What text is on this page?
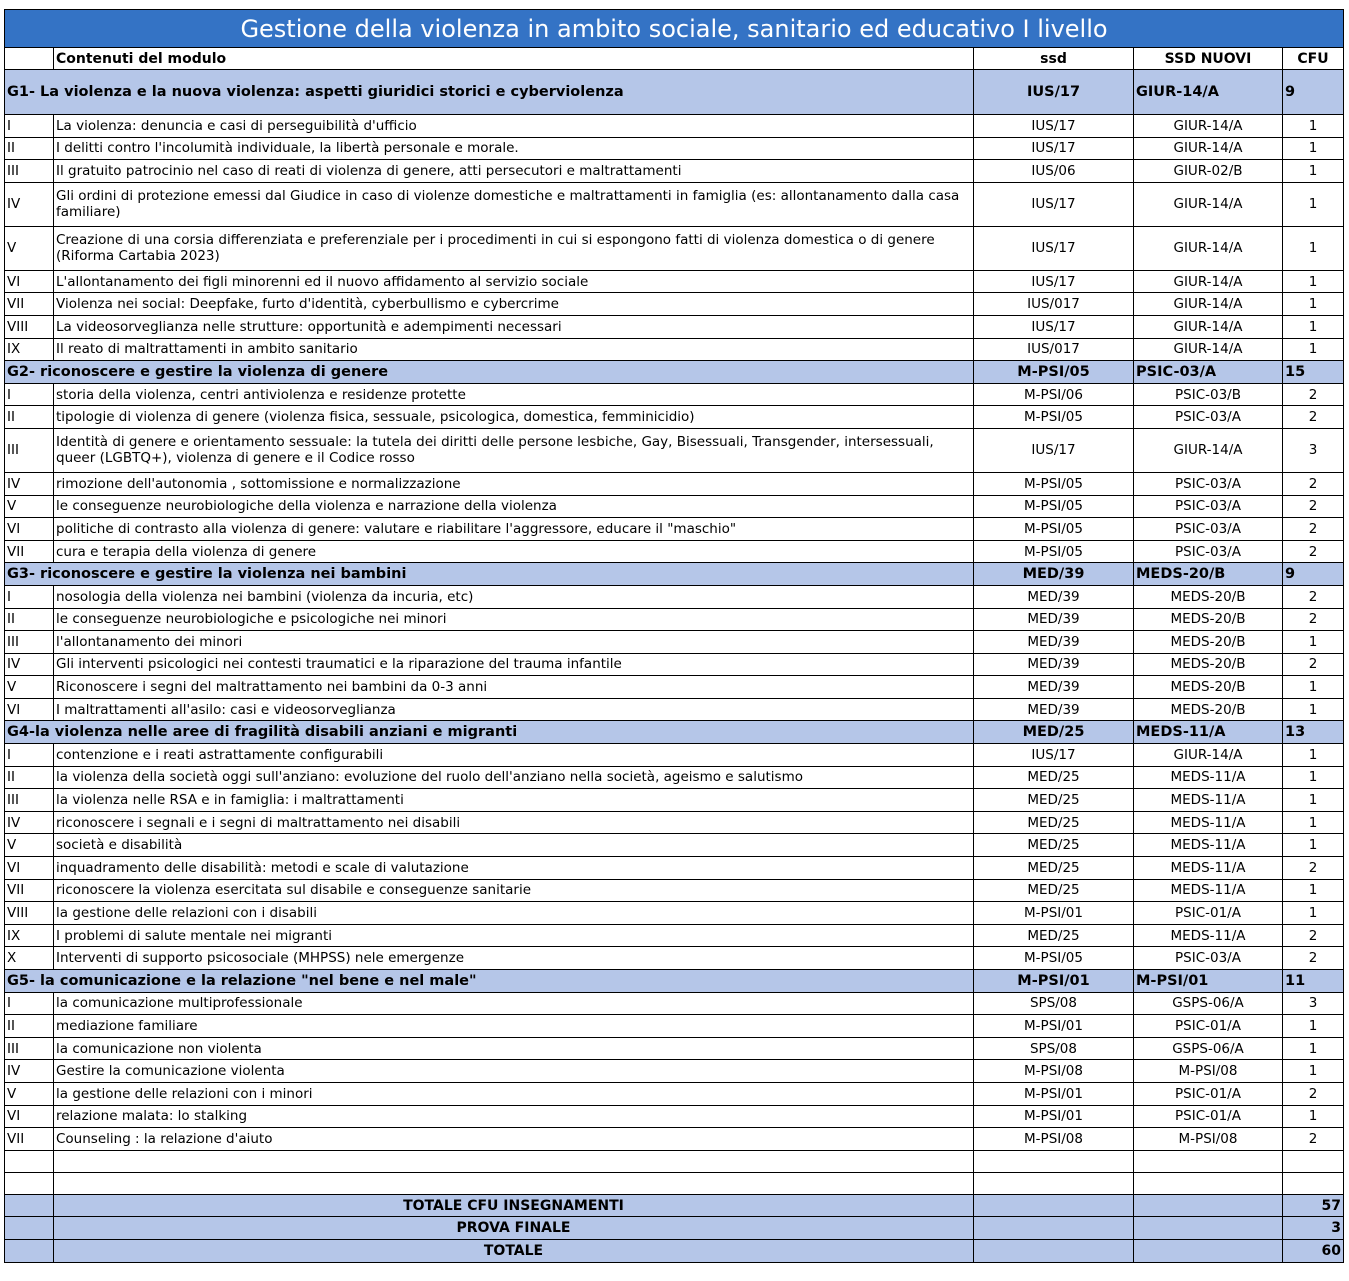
Gestione della violenza in ambito sociale, sanitario ed educativo I livello				
	Contenuti del modulo	ssd	SSD NUOVI	CFU
G1- La violenza e la nuova violenza: aspetti giuridici storici e cyberviolenza		IUS/17	GIUR-14/A	9
I	La violenza: denuncia e casi di perseguibilità d'ufficio	IUS/17	GIUR-14/A	1
II	I delitti contro l'incolumità individuale, la libertà personale e morale.	IUS/17	GIUR-14/A	1
III	Il gratuito patrocinio nel caso di reati di violenza di genere, atti persecutori e maltrattamenti	IUS/06	GIUR-02/B	1
IV	Gli ordini di protezione emessi dal Giudice in caso di violenze domestiche e maltrattamenti in famiglia (es: allontanamento dalla casa familiare)	IUS/17	GIUR-14/A	1
V	Creazione di una corsia differenziata e preferenziale per i procedimenti in cui si espongono fatti di violenza domestica o di genere (Riforma Cartabia 2023)	IUS/17	GIUR-14/A	1
VI	L'allontanamento dei figli minorenni ed il nuovo affidamento al servizio sociale	IUS/17	GIUR-14/A	1
VII	Violenza nei social: Deepfake, furto d'identità, cyberbullismo e cybercrime	IUS/017	GIUR-14/A	1
VIII	La videosorveglianza nelle strutture: opportunità e adempimenti necessari	IUS/17	GIUR-14/A	1
IX	Il reato di maltrattamenti in ambito sanitario	IUS/017	GIUR-14/A	1
G2- riconoscere e gestire la violenza di genere		M-PSI/05	PSIC-03/A	15
I	storia della violenza, centri antiviolenza e residenze protette	M-PSI/06	PSIC-03/B	2
II	tipologie di violenza di genere (violenza fisica, sessuale, psicologica, domestica, femminicidio)	M-PSI/05	PSIC-03/A	2
III	Identità di genere e orientamento sessuale: la tutela dei diritti delle persone lesbiche, Gay, Bisessuali, Transgender, intersessuali, queer (LGBTQ+), violenza di genere e il Codice rosso	IUS/17	GIUR-14/A	3
IV	rimozione dell'autonomia , sottomissione e normalizzazione	M-PSI/05	PSIC-03/A	2
V	le conseguenze neurobiologiche della violenza e narrazione della violenza	M-PSI/05	PSIC-03/A	2
VI	politiche di contrasto alla violenza di genere: valutare e riabilitare l'aggressore, educare il "maschio"	M-PSI/05	PSIC-03/A	2
VII	cura e terapia della violenza di genere	M-PSI/05	PSIC-03/A	2
G3- riconoscere e gestire la violenza nei bambini		MED/39	MEDS-20/B	9
I	nosologia della violenza nei bambini (violenza da incuria, etc)	MED/39	MEDS-20/B	2
II	le conseguenze neurobiologiche e psicologiche nei minori	MED/39	MEDS-20/B	2
III	l'allontanamento dei minori	MED/39	MEDS-20/B	1
IV	Gli interventi psicologici nei contesti traumatici e la riparazione del trauma infantile	MED/39	MEDS-20/B	2
V	Riconoscere i segni del maltrattamento nei bambini da 0-3 anni	MED/39	MEDS-20/B	1
VI	I maltrattamenti all'asilo: casi e videosorveglianza	MED/39	MEDS-20/B	1
G4-la violenza nelle aree di fragilità disabili anziani e migranti		MED/25	MEDS-11/A	13
I	contenzione e i reati astrattamente configurabili	IUS/17	GIUR-14/A	1
II	la violenza della società oggi sull'anziano: evoluzione del ruolo dell'anziano nella società, ageismo e salutismo	MED/25	MEDS-11/A	1
III	la violenza nelle RSA e in famiglia: i maltrattamenti	MED/25	MEDS-11/A	1
IV	riconoscere i segnali e i segni di maltrattamento nei disabili	MED/25	MEDS-11/A	1
V	società e disabilità	MED/25	MEDS-11/A	1
VI	inquadramento delle disabilità: metodi e scale di valutazione	MED/25	MEDS-11/A	2
VII	riconoscere la violenza esercitata sul disabile e conseguenze sanitarie	MED/25	MEDS-11/A	1
VIII	la gestione delle relazioni con i disabili	M-PSI/01	PSIC-01/A	1
IX	I problemi di salute mentale nei migranti	MED/25	MEDS-11/A	2
X	Interventi di supporto psicosociale (MHPSS) nele emergenze	M-PSI/05	PSIC-03/A	2
G5- la comunicazione e la relazione "nel bene e nel male"		M-PSI/01	M-PSI/01	11
I	la comunicazione multiprofessionale	SPS/08	GSPS-06/A	3
II	mediazione familiare	M-PSI/01	PSIC-01/A	1
III	la comunicazione non violenta	SPS/08	GSPS-06/A	1
IV	Gestire la comunicazione violenta	M-PSI/08	M-PSI/08	1
V	la gestione delle relazioni con i minori	M-PSI/01	PSIC-01/A	2
VI	relazione malata: lo stalking	M-PSI/01	PSIC-01/A	1
VII	Counseling : la relazione d'aiuto	M-PSI/08	M-PSI/08	2

	TOTALE CFU INSEGNAMENTI			57
	PROVA FINALE			3
	TOTALE			60
